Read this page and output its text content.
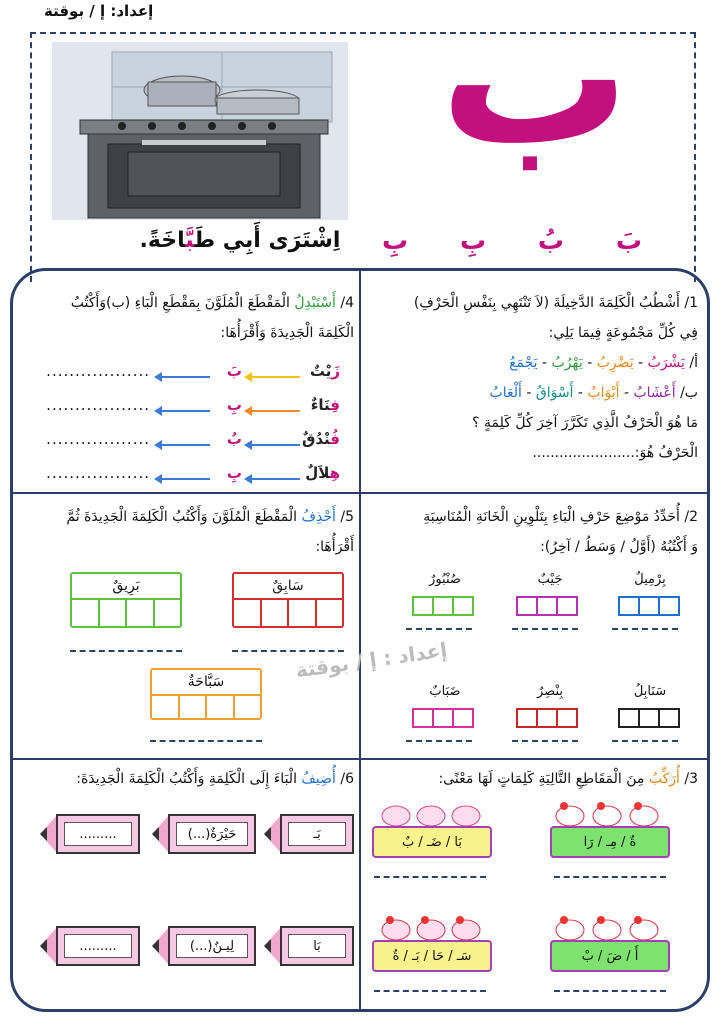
إعداد: إ / بوقتة ب
بَ
بُ
بِ
بِ
اِشْتَرَى أَبِي طَبَّاخَةً.
1/ أَشْطُبُ الْكَلِمَةَ الدَّخِيلَةَ (لاَ تَنْتَهِي بِنَفْسِ الْحَرْفِ)
فِي كُلِّ مَجْمُوعَةٍ فِيمَا يَلِي:
أ/ يَشْرَبُ - يَضْرِبُ - يَهْرُبُ - يَجْمَعُ
ب/ أَعْشَابُ - أَبْوَابُ - أَسْوَاقُ - أَلْعَابُ
مَا هُوَ الْحَرْفُ الَّذِي تَكَرَّرَ آخِرَ كُلِّ كَلِمَةٍ ؟
الْحَرْفُ هُوَ:.......................
4/ أَسْتَبْدِلُ الْمَقْطَعَ الْمُلَوَّنَ بِمَقْطَعِ الْبَاءِ (ب)وَأَكْتُبُ
الْكَلِمَةَ الْجَدِيدَةَ وَأَقْرَأُهَا:
زَيْتٌ
بَ
..................
فِنَاءٌ
بِ
..................
فُنْدُقٌ
بُ
..................
هِلاَلٌ
بِ
..................
2/ أُحَدِّدُ مَوْضِعَ حَرْفِ الْبَاءِ بِتَلْوِينِ الْخَانَةِ الْمُنَاسِبَةِ
وَ أَكْتُبُهُ (أَوَّلُ / وَسَطُ / آخِرُ):
بِرْمِيلٌ
جَيْبٌ
صُنْبُورٌ
سَنَابِلُ
بِنْصِرٌ
ضَبَابٌ
5/ أَحْذِفُ الْمَقْطَعَ الْمُلَوَّنَ وَأَكْتُبُ الْكَلِمَةَ الْجَدِيدَةَ ثُمَّ
أَقْرَأُهَا:
سَابِقٌ
بَرِيقٌ
سَبَّاحَةٌ	إعداد : إ / بوقتة
3/ أُرَكِّبُ مِنَ الْمَقَاطِعِ التَّالِيَةِ كَلِمَاتٍ لَهَا مَعْنًى:
ةٌ / مِـ / رَا
بَا / ضَـ / بٌ
أَ / ضَ / بْ
سَـ / حَا / بَـ / ةٌ
6/ أُضِيفُ الْبَاءَ إِلَى الْكَلِمَةِ وَأَكْتُبُ الْكَلِمَةَ الْجَدِيدَةَ:
بَـ
(...)حَيْرَةٌ
.........
بَا
(...)لِيـنٌ
.........
